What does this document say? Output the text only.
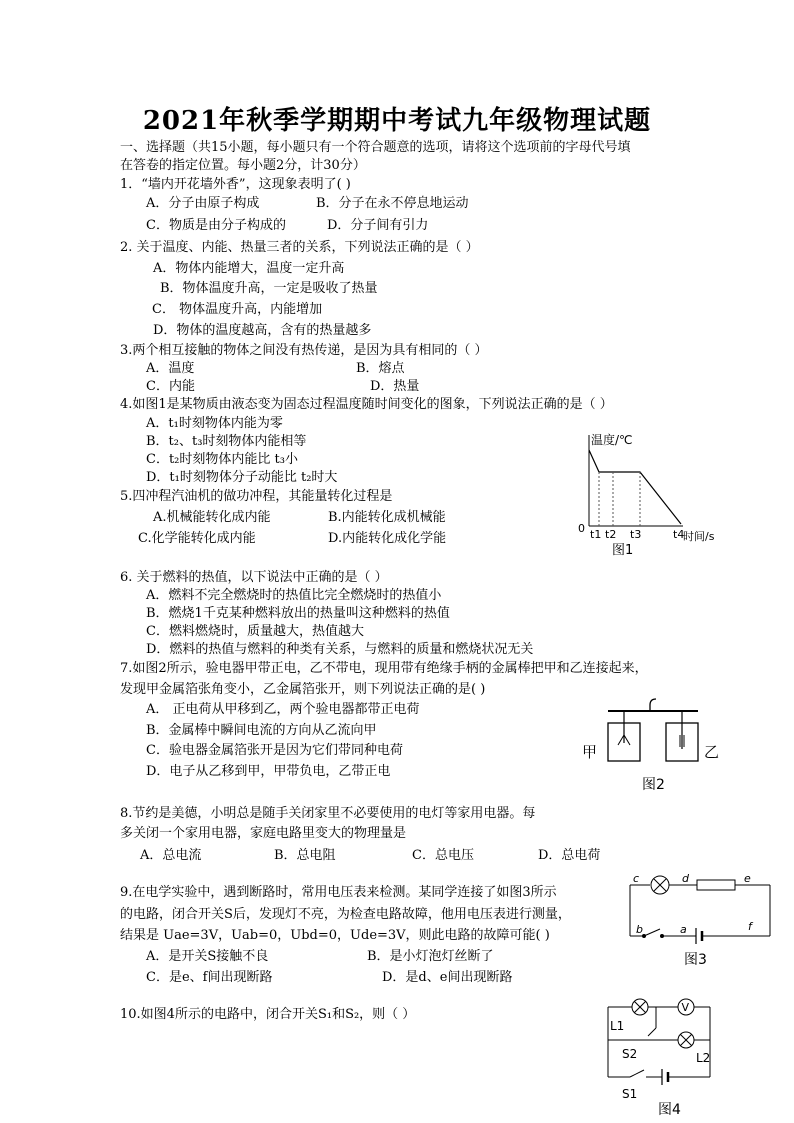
2021年秋季学期期中考试九年级物理试题
一、选择题（共15小题，每小题只有一个符合题意的选项，请将这个选项前的字母代号填
在答卷的指定位置。每小题2分，计30分）
1．“墙内开花墙外香”，这现象表明了( )
A．分子由原子构成	B．分子在永不停息地运动
C．物质是由分子构成的	D．分子间有引力
2. 关于温度、内能、热量三者的关系，下列说法正确的是（ ）
A．物体内能增大，温度一定升高
B．物体温度升高，一定是吸收了热量
C． 物体温度升高，内能增加
D．物体的温度越高，含有的热量越多
3.两个相互接触的物体之间没有热传递，是因为具有相同的（ ）
A．温度	B．熔点
C．内能	D．热量
4.如图1是某物质由液态变为固态过程温度随时间变化的图象，下列说法正确的是（ ）
A．t₁时刻物体内能为零
B．t₂、t₃时刻物体内能相等
C．t₂时刻物体内能比 t₃小
D．t₁时刻物体分子动能比 t₂时大
温度/℃
时间/s
0 t1 t2 t3	t4
图1
5.四冲程汽油机的做功冲程，其能量转化过程是
A.机械能转化成内能	B.内能转化成机械能
C.化学能转化成内能	D.内能转化成化学能
6. 关于燃料的热值，以下说法中正确的是（ ）
A．燃料不完全燃烧时的热值比完全燃烧时的热值小
B．燃烧1千克某种燃料放出的热量叫这种燃料的热值
C．燃料燃烧时，质量越大，热值越大
D．燃料的热值与燃料的种类有关系，与燃料的质量和燃烧状况无关
7.如图2所示，验电器甲带正电，乙不带电，现用带有绝缘手柄的金属棒把甲和乙连接起来，
发现甲金属箔张角变小，乙金属箔张开，则下列说法正确的是( )
A． 正电荷从甲移到乙，两个验电器都带正电荷
B．金属棒中瞬间电流的方向从乙流向甲
C．验电器金属箔张开是因为它们带同种电荷
D．电子从乙移到甲，甲带负电，乙带正电
甲	乙
图2
8.节约是美德，小明总是随手关闭家里不必要使用的电灯等家用电器。每
多关闭一个家用电器，家庭电路里变大的物理量是
A．总电流	B．总电阻	C．总电压	D．总电荷
9.在电学实验中，遇到断路时，常用电压表来检测。某同学连接了如图3所示
的电路，闭合开关S后，发现灯不亮，为检查电路故障，他用电压表进行测量，
结果是 Uae=3V，Uab=0，Ubd=0，Ude=3V，则此电路的故障可能( )
A．是开关S接触不良	B．是小灯泡灯丝断了
C．是e、f间出现断路	D．是d、e间出现断路
c	d	e
b	a	f
图3
10.如图4所示的电路中，闭合开关S₁和S₂，则（ ）	V
L1
S2	L2
S1
图4
